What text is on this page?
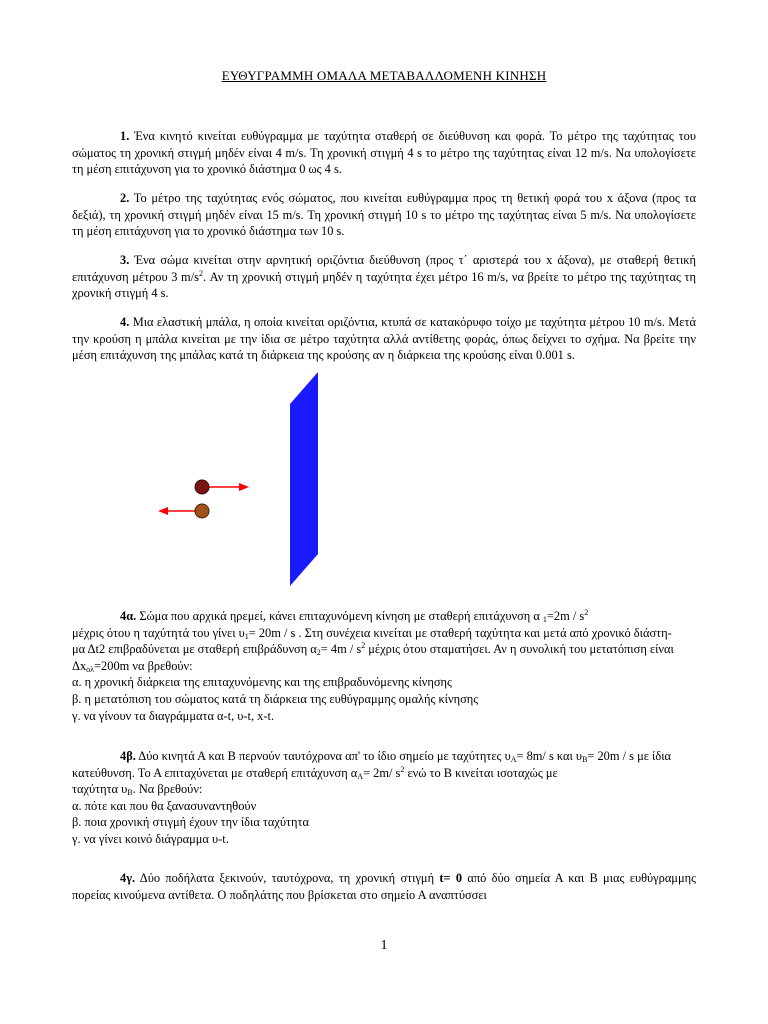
ΕΥΘΥΓΡΑΜΜΗ ΟΜΑΛΑ ΜΕΤΑΒΑΛΛΟΜΕΝΗ ΚΙΝΗΣΗ

1. Ένα κινητό κινείται ευθύγραμμα με ταχύτητα σταθερή σε διεύθυνση και φορά. Το μέτρο της ταχύτητας του σώματος τη χρονική στιγμή μηδέν είναι 4 m/s. Τη χρονική στιγμή 4 s το μέτρο της ταχύτητας είναι 12 m/s. Να υπολογίσετε τη μέση επιτάχυνση για το χρονικό διάστημα 0 ως 4 s.

2. Το μέτρο της ταχύτητας ενός σώματος, που κινείται ευθύγραμμα προς τη θετική φορά του x άξονα (προς τα δεξιά), τη χρονική στιγμή μηδέν είναι 15 m/s. Τη χρονική στιγμή 10 s το μέτρο της ταχύτητας είναι 5 m/s. Να υπολογίσετε τη μέση επιτάχυνση για το χρονικό διάστημα των 10 s.

3. Ένα σώμα κινείται στην αρνητική οριζόντια διεύθυνση (προς τ΄ αριστερά του x άξονα), με σταθερή θετική επιτάχυνση μέτρου 3 $m/s^2$. Αν τη χρονική στιγμή μηδέν η ταχύτητα έχει μέτρο 16 m/s, να βρείτε το μέτρο της ταχύτητας τη χρονική στιγμή 4 s.

4. Μια ελαστική μπάλα, η οποία κινείται οριζόντια, κτυπά σε κατακόρυφο τοίχο με ταχύτητα μέτρου 10 m/s. Μετά την κρούση η μπάλα κινείται με την ίδια σε μέτρο ταχύτητα αλλά αντίθετης φοράς, όπως δείχνει το σχήμα. Να βρείτε την μέση επιτάχυνση της μπάλας κατά τη διάρκεια της κρούσης αν η διάρκεια της κρούσης είναι 0.001 s.

4α. Σώμα που αρχικά ηρεμεί, κάνει επιταχυνόμενη κίνηση με σταθερή επιτάχυνση α $_1=2m / s^2$

μέχρις ότου η ταχύτητά του γίνει $\upsilon_1= 20m / s$ . Στη συνέχεια κινείται με σταθερή ταχύτητα και μετά από χρονικό διάστη-

μα Δt2 επιβραδύνεται με σταθερή επιβράδυνση $\alpha_2= 4m / s^2$ μέχρις ότου σταματήσει. Αν η συνολική του μετατόπιση είναι $\Delta x_{o\lambda}=200m$ να βρεθούν:

α. η χρονική διάρκεια της επιταχυνόμενης και της επιβραδυνόμενης κίνησης

β. η μετατόπιση του σώματος κατά τη διάρκεια της ευθύγραμμης ομαλής κίνησης

γ. να γίνουν τα διαγράμματα α-t, υ-t, x-t.

4β. Δύο κινητά Α και Β περνούν ταυτόχρονα απ' το ίδιο σημείο με ταχύτητες $\upsilon_A= 8m/$ s και $\upsilon_B= 20m / s$ με ίδια κατεύθυνση. Το Α επιταχύνεται με σταθερή επιτάχυνση $\alpha_A= 2m/$ $s^2$ ενώ το Β κινείται ισοταχώς με

ταχύτητα $\upsilon_B$. Να βρεθούν:

α. πότε και που θα ξανασυναντηθούν

β. ποια χρονική στιγμή έχουν την ίδια ταχύτητα

γ. να γίνει κοινό διάγραμμα υ-t.

4γ. Δύο ποδήλατα ξεκινούν, ταυτόχρονα, τη χρονική στιγμή t= 0 από δύο σημεία Α και Β μιας ευθύγραμμης πορείας κινούμενα αντίθετα. Ο ποδηλάτης που βρίσκεται στο σημείο Α αναπτύσσει

1
